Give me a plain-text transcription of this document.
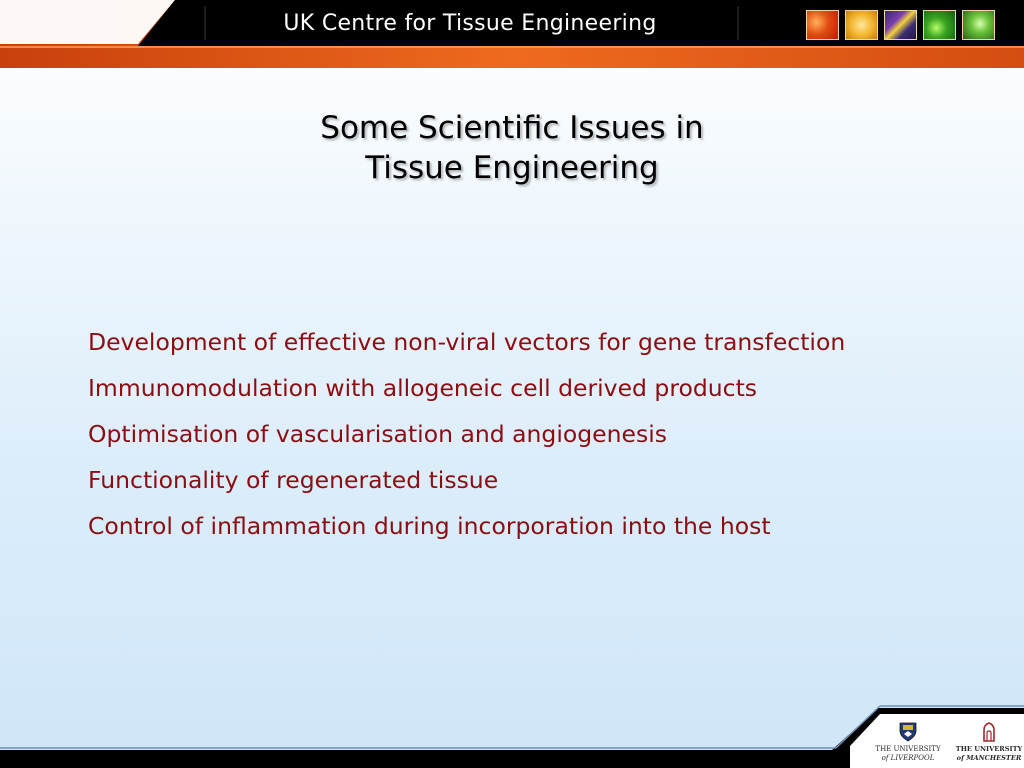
UK Centre for Tissue Engineering
Some Scientific Issues in
Tissue Engineering
Development of effective non-viral vectors for gene transfection
Immunomodulation with allogeneic cell derived products
Optimisation of vascularisation and angiogenesis
Functionality of regenerated tissue
Control of inflammation during incorporation into the host
THE UNIVERSITY
of LIVERPOOL
THE UNIVERSITY
of MANCHESTER
